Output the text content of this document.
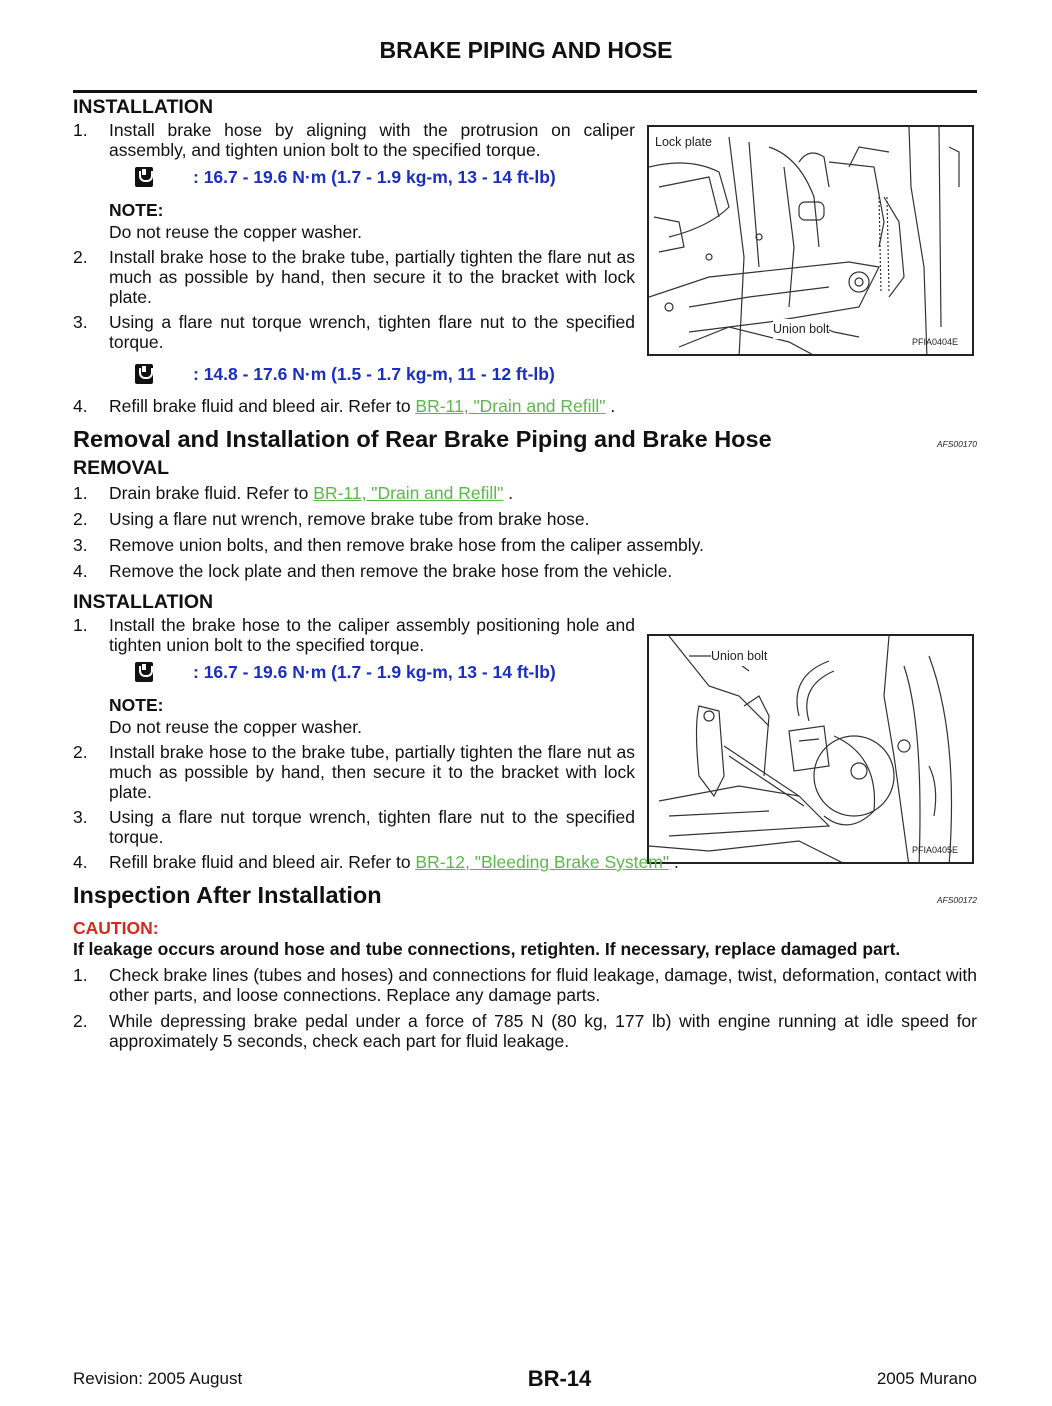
BRAKE PIPING AND HOSE
Lock plate
Union bolt
PFIA0404E
Union bolt
PFIA0405E
INSTALLATION
1.	Install brake hose by aligning with the protrusion on caliper assembly, and tighten union bolt to the specified torque.
: 16.7 - 19.6 N·m (1.7 - 1.9 kg-m, 13 - 14 ft-lb)
NOTE:
Do not reuse the copper washer.
2.	Install brake hose to the brake tube, partially tighten the flare nut as much as possible by hand, then secure it to the bracket with lock plate.
3.	Using a flare nut torque wrench, tighten flare nut to the specified torque.
: 14.8 - 17.6 N·m (1.5 - 1.7 kg-m, 11 - 12 ft-lb)
4.	Refill brake fluid and bleed air. Refer to BR-11, "Drain and Refill" .
Removal and Installation of Rear Brake Piping and Brake Hose	AFS00170
REMOVAL
1.	Drain brake fluid. Refer to BR-11, "Drain and Refill" .
2.	Using a flare nut wrench, remove brake tube from brake hose.
3.	Remove union bolts, and then remove brake hose from the caliper assembly.
4.	Remove the lock plate and then remove the brake hose from the vehicle.
INSTALLATION
1.	Install the brake hose to the caliper assembly positioning hole and tighten union bolt to the specified torque.
: 16.7 - 19.6 N·m (1.7 - 1.9 kg-m, 13 - 14 ft-lb)
NOTE:
Do not reuse the copper washer.
2.	Install brake hose to the brake tube, partially tighten the flare nut as much as possible by hand, then secure it to the bracket with lock plate.
3.	Using a flare nut torque wrench, tighten flare nut to the specified torque.
4.	Refill brake fluid and bleed air. Refer to BR-12, "Bleeding Brake System" .
Inspection After Installation	AFS00172
CAUTION:
If leakage occurs around hose and tube connections, retighten. If necessary, replace damaged part.
1.	Check brake lines (tubes and hoses) and connections for fluid leakage, damage, twist, deformation, contact with other parts, and loose connections. Replace any damage parts.
2.	While depressing brake pedal under a force of 785 N (80 kg, 177 lb) with engine running at idle speed for approximately 5 seconds, check each part for fluid leakage.
Revision: 2005 August	BR-14	2005 Murano
